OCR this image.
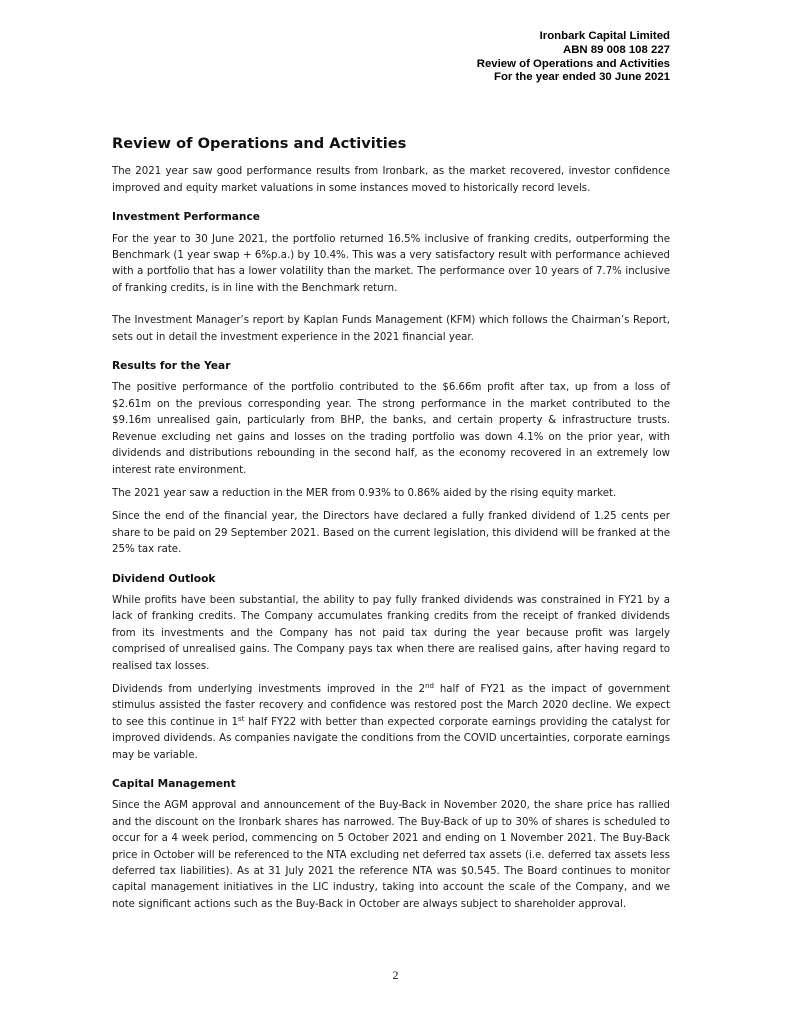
Ironbark Capital Limited
ABN 89 008 108 227
Review of Operations and Activities
For the year ended 30 June 2021
Review of Operations and Activities

The 2021 year saw good performance results from Ironbark, as the market recovered, investor confidence improved and equity market valuations in some instances moved to historically record levels.

Investment Performance

For the year to 30 June 2021, the portfolio returned 16.5% inclusive of franking credits, outperforming the Benchmark (1 year swap + 6%p.a.) by 10.4%. This was a very satisfactory result with performance achieved with a portfolio that has a lower volatility than the market. The performance over 10 years of 7.7% inclusive of franking credits, is in line with the Benchmark return.

The Investment Manager’s report by Kaplan Funds Management (KFM) which follows the Chairman’s Report, sets out in detail the investment experience in the 2021 financial year.

Results for the Year

The positive performance of the portfolio contributed to the $6.66m profit after tax, up from a loss of $2.61m on the previous corresponding year. The strong performance in the market contributed to the $9.16m unrealised gain, particularly from BHP, the banks, and certain property & infrastructure trusts. Revenue excluding net gains and losses on the trading portfolio was down 4.1% on the prior year, with dividends and distributions rebounding in the second half, as the economy recovered in an extremely low interest rate environment.

The 2021 year saw a reduction in the MER from 0.93% to 0.86% aided by the rising equity market.

Since the end of the financial year, the Directors have declared a fully franked dividend of 1.25 cents per share to be paid on 29 September 2021. Based on the current legislation, this dividend will be franked at the 25% tax rate.

Dividend Outlook

While profits have been substantial, the ability to pay fully franked dividends was constrained in FY21 by a lack of franking credits. The Company accumulates franking credits from the receipt of franked dividends from its investments and the Company has not paid tax during the year because profit was largely comprised of unrealised gains. The Company pays tax when there are realised gains, after having regard to realised tax losses.

Dividends from underlying investments improved in the 2nd half of FY21 as the impact of government stimulus assisted the faster recovery and confidence was restored post the March 2020 decline. We expect to see this continue in 1st half FY22 with better than expected corporate earnings providing the catalyst for improved dividends. As companies navigate the conditions from the COVID uncertainties, corporate earnings may be variable.

Capital Management

Since the AGM approval and announcement of the Buy-Back in November 2020, the share price has rallied and the discount on the Ironbark shares has narrowed. The Buy-Back of up to 30% of shares is scheduled to occur for a 4 week period, commencing on 5 October 2021 and ending on 1 November 2021. The Buy-Back price in October will be referenced to the NTA excluding net deferred tax assets (i.e. deferred tax assets less deferred tax liabilities). As at 31 July 2021 the reference NTA was $0.545. The Board continues to monitor capital management initiatives in the LIC industry, taking into account the scale of the Company, and we note significant actions such as the Buy-Back in October are always subject to shareholder approval.

2
